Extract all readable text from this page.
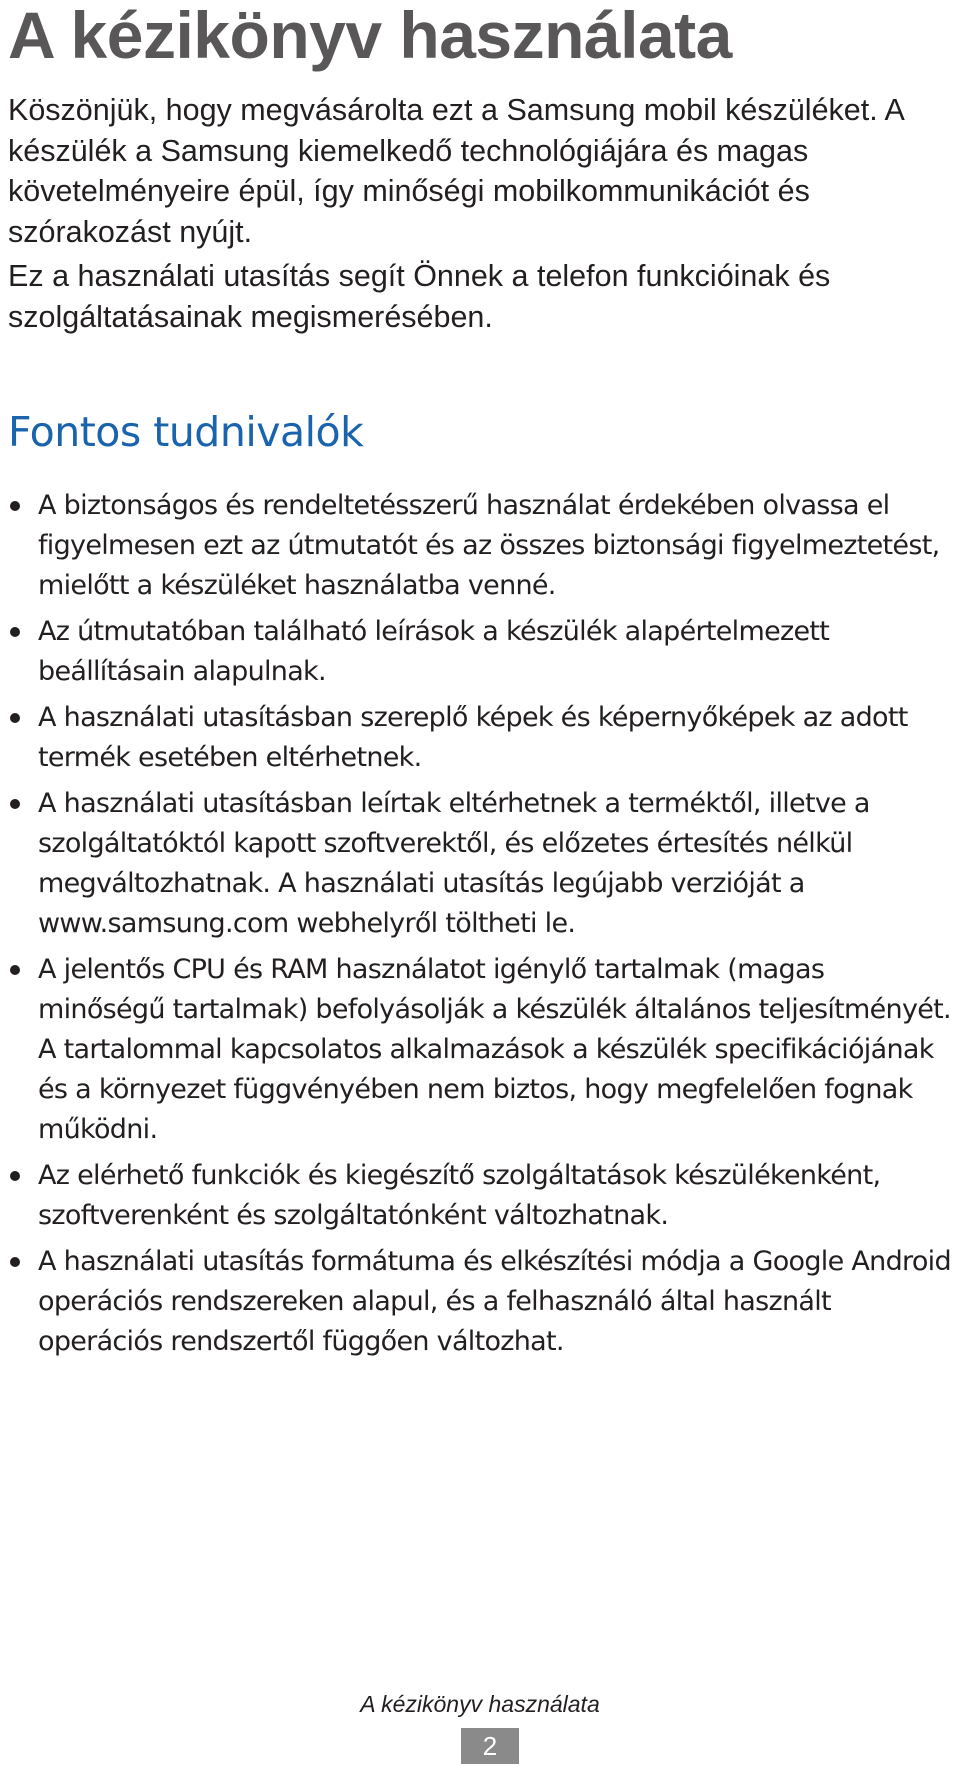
A kézikönyv használata

Köszönjük, hogy megvásárolta ezt a Samsung mobil készüléket. A készülék a Samsung kiemelkedő technológiájára és magas követelményeire épül, így minőségi mobilkommunikációt és szórakozást nyújt.

Ez a használati utasítás segít Önnek a telefon funkcióinak és szolgáltatásainak megismerésében.

Fontos tudnivalók
A biztonságos és rendeltetésszerű használat érdekében olvassa el figyelmesen ezt az útmutatót és az összes biztonsági figyelmeztetést, mielőtt a készüléket használatba venné.
Az útmutatóban található leírások a készülék alapértelmezett beállításain alapulnak.
A használati utasításban szereplő képek és képernyőképek az adott termék esetében eltérhetnek.
A használati utasításban leírtak eltérhetnek a terméktől, illetve a szolgáltatóktól kapott szoftverektől, és előzetes értesítés nélkül megváltozhatnak. A használati utasítás legújabb verzióját a www.samsung.com webhelyről töltheti le.
A jelentős CPU és RAM használatot igénylő tartalmak (magas minőségű tartalmak) befolyásolják a készülék általános teljesítményét. A tartalommal kapcsolatos alkalmazások a készülék specifikációjának és a környezet függvényében nem biztos, hogy megfelelően fognak működni.
Az elérhető funkciók és kiegészítő szolgáltatások készülékenként, szoftverenként és szolgáltatónként változhatnak.
A használati utasítás formátuma és elkészítési módja a Google Android operációs rendszereken alapul, és a felhasználó által használt operációs rendszertől függően változhat.
A kézikönyv használata
2
